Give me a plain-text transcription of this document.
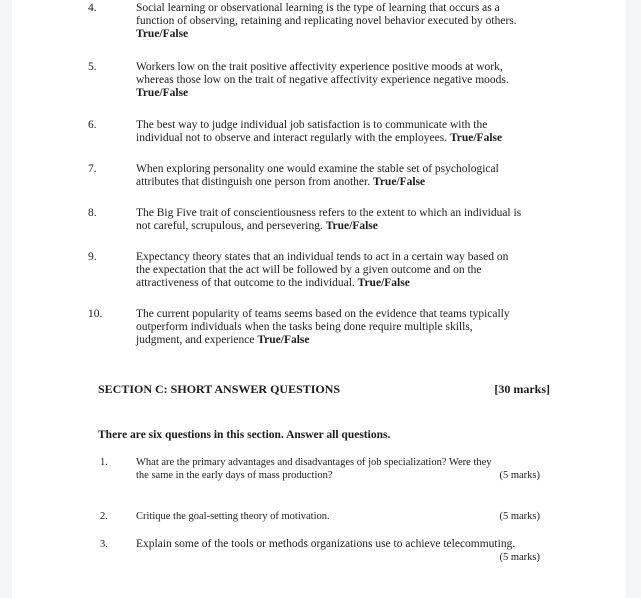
4.	Social learning or observational learning is the type of learning that occurs as a
function of observing, retaining and replicating novel behavior executed by others.
True/False
5.	Workers low on the trait positive affectivity experience positive moods at work,
whereas those low on the trait of negative affectivity experience negative moods.
True/False
6.	The best way to judge individual job satisfaction is to communicate with the
individual not to observe and interact regularly with the employees. True/False
7.	When exploring personality one would examine the stable set of psychological
attributes that distinguish one person from another. True/False
8.	The Big Five trait of conscientiousness refers to the extent to which an individual is
not careful, scrupulous, and persevering. True/False
9.	Expectancy theory states that an individual tends to act in a certain way based on
the expectation that the act will be followed by a given outcome and on the
attractiveness of that outcome to the individual. True/False
10.	The current popularity of teams seems based on the evidence that teams typically
outperform individuals when the tasks being done require multiple skills,
judgment, and experience True/False
SECTION C: SHORT ANSWER QUESTIONS	[30 marks]
There are six questions in this section. Answer all questions.
1.	What are the primary advantages and disadvantages of job specialization? Were they
the same in the early days of mass production?	(5 marks)
2.	Critique the goal-setting theory of motivation.	(5 marks)
3. Explain some of the tools or methods organizations use to achieve telecommuting.
(5 marks)
